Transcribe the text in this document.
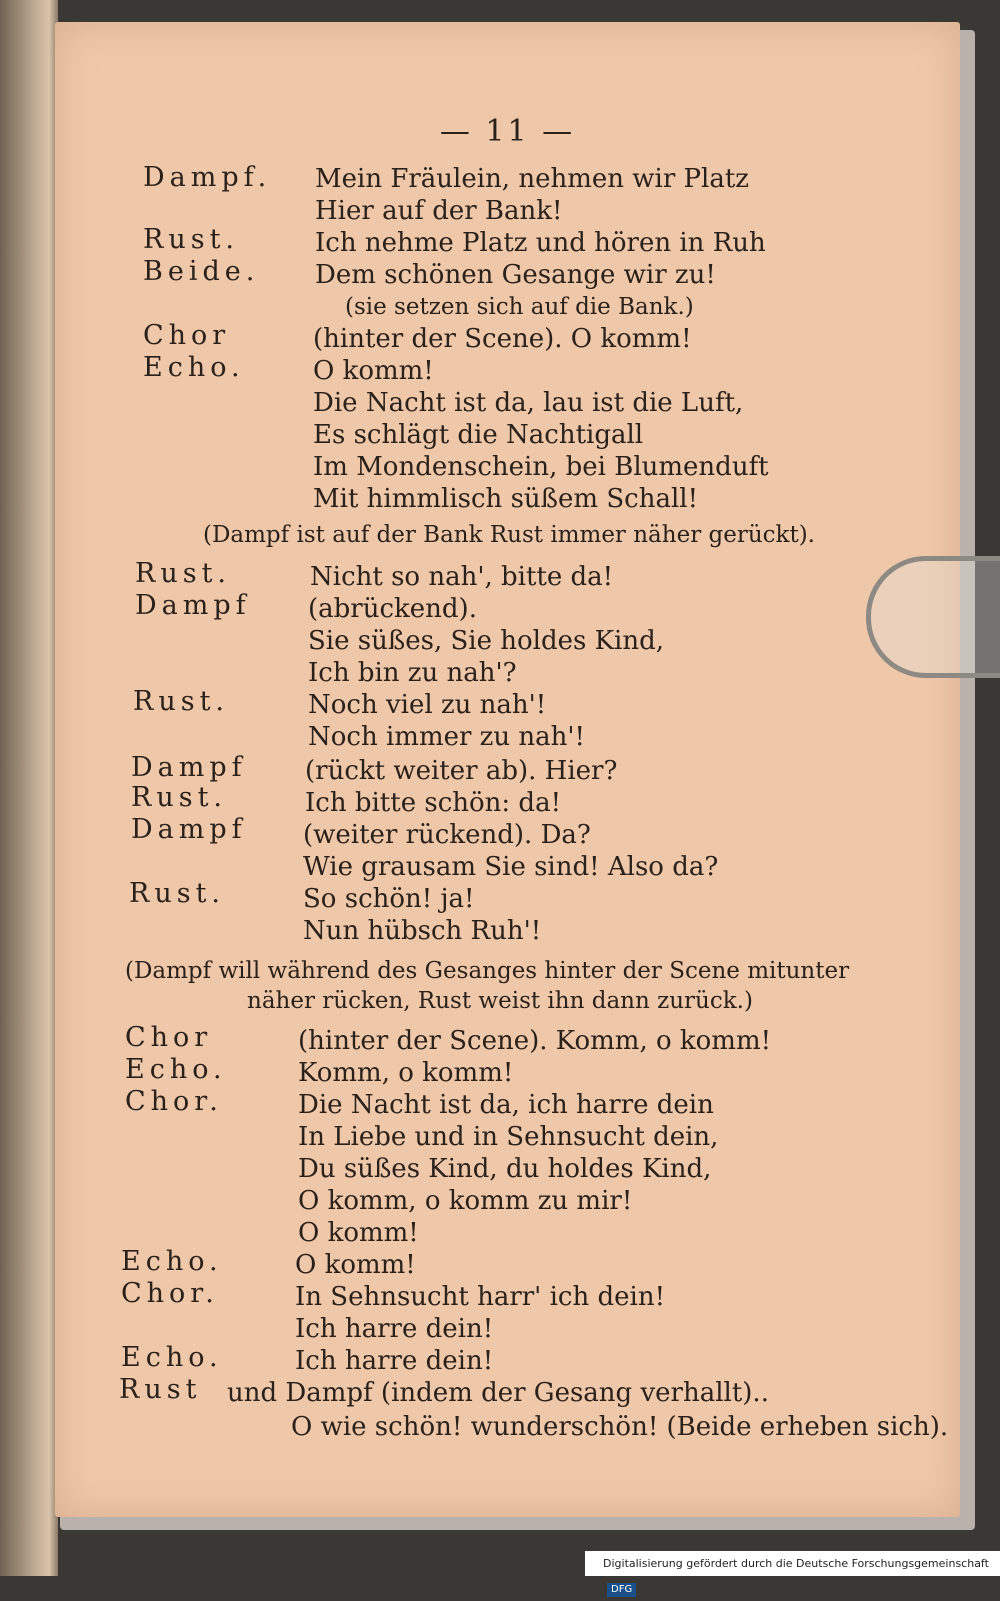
— 11 —
Dampf. Mein Fräulein, nehmen wir Platz
Hier auf der Bank!
Rust.	Ich nehme Platz und hören in Ruh
Beide. Dem schönen Gesange wir zu!
(sie setzen sich auf die Bank.)
Chor	(hinter der Scene). O komm!
Echo.	O komm!
Die Nacht ist da, lau ist die Luft,
Es schlägt die Nachtigall
Im Mondenschein, bei Blumenduft
Mit himmlisch süßem Schall!
(Dampf ist auf der Bank Rust immer näher gerückt).
Rust.	Nicht so nah', bitte da!
Dampf (abrückend).
Sie süßes, Sie holdes Kind,
Ich bin zu nah'?
Rust.	Noch viel zu nah'!
Noch immer zu nah'!
Dampf (rückt weiter ab). Hier?
Rust.	Ich bitte schön: da!
Dampf (weiter rückend). Da?
Wie grausam Sie sind! Also da?
Rust.	So schön! ja!
Nun hübsch Ruh'!
(Dampf will während des Gesanges hinter der Scene mitunter
näher rücken, Rust weist ihn dann zurück.)
Chor	(hinter der Scene). Komm, o komm!
Echo.	Komm, o komm!
Chor.	Die Nacht ist da, ich harre dein
In Liebe und in Sehnsucht dein,
Du süßes Kind, du holdes Kind,
O komm, o komm zu mir!
O komm!
Echo.	O komm!
Chor.	In Sehnsucht harr' ich dein!
Ich harre dein!
Echo.	Ich harre dein!
Rust und Dampf (indem der Gesang verhallt)..
O wie schön! wunderschön! (Beide erheben sich).
Digitalisierung gefördert durch die Deutsche Forschungsgemeinschaft DFG
